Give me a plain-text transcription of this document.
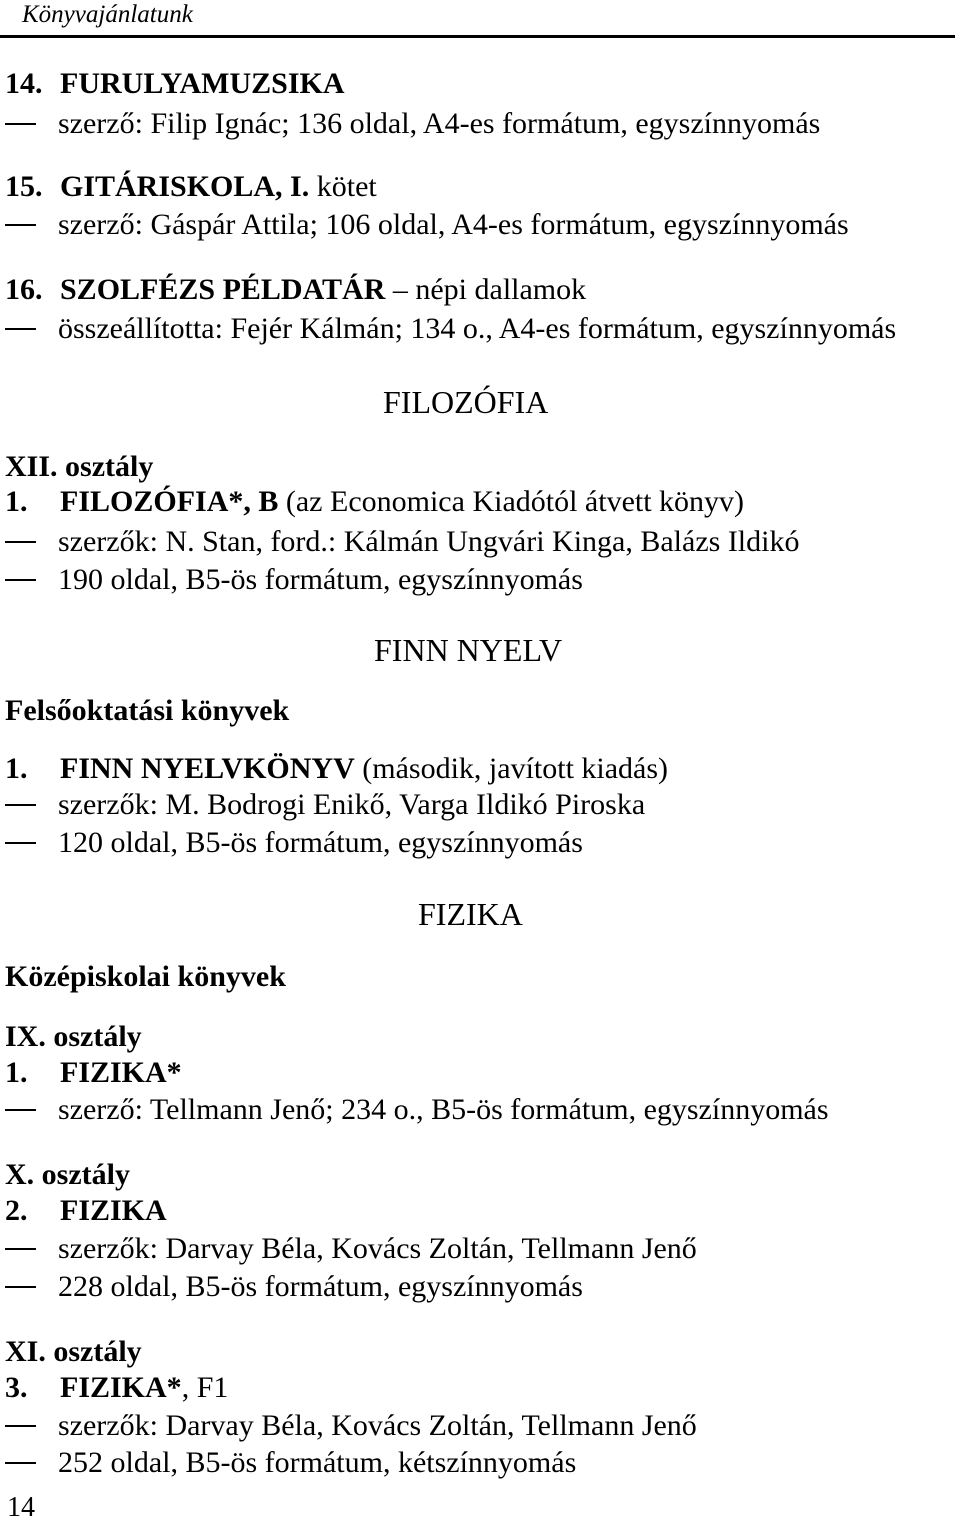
Könyvajánlatunk
14. FURULYAMUZSIKA
szerző: Filip Ignác; 136 oldal, A4-es formátum, egyszínnyomás
15. GITÁRISKOLA, I. kötet
szerző: Gáspár Attila; 106 oldal, A4-es formátum, egyszínnyomás
16. SZOLFÉZS PÉLDATÁR – népi dallamok
összeállította: Fejér Kálmán; 134 o., A4-es formátum, egyszínnyomás
FILOZÓFIA
XII. osztály
1. FILOZÓFIA*, B (az Economica Kiadótól átvett könyv)
szerzők: N. Stan, ford.: Kálmán Ungvári Kinga, Balázs Ildikó
190 oldal, B5-ös formátum, egyszínnyomás
FINN NYELV
Felsőoktatási könyvek
1. FINN NYELVKÖNYV (második, javított kiadás)
szerzők: M. Bodrogi Enikő, Varga Ildikó Piroska
120 oldal, B5-ös formátum, egyszínnyomás
FIZIKA
Középiskolai könyvek
IX. osztály
1. FIZIKA*
szerző: Tellmann Jenő; 234 o., B5-ös formátum, egyszínnyomás
X. osztály
2. FIZIKA
szerzők: Darvay Béla, Kovács Zoltán, Tellmann Jenő
228 oldal, B5-ös formátum, egyszínnyomás
XI. osztály
3. FIZIKA*, F1
szerzők: Darvay Béla, Kovács Zoltán, Tellmann Jenő
252 oldal, B5-ös formátum, kétszínnyomás
14
